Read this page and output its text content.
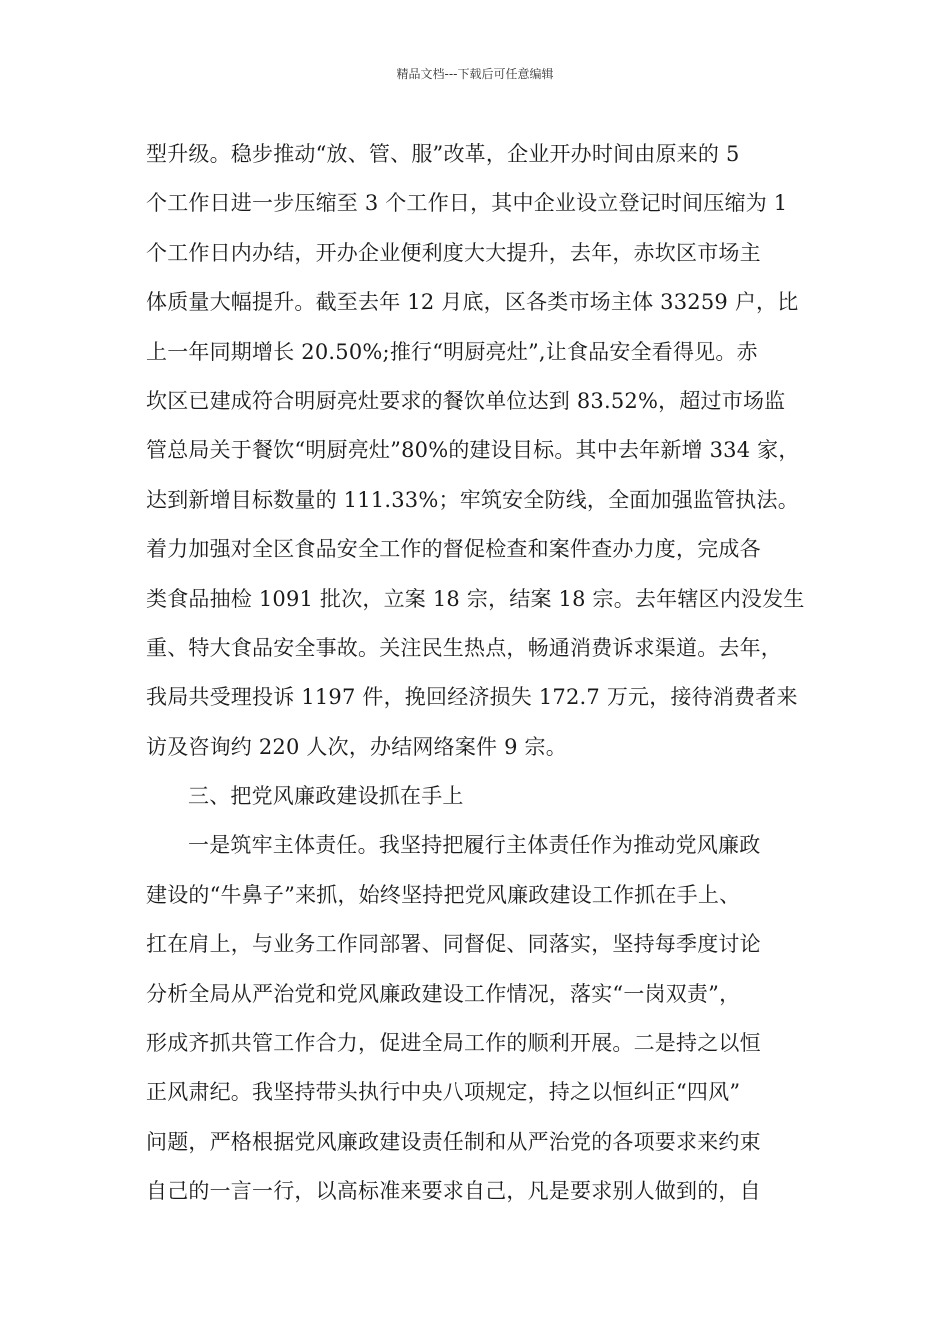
精品文档---下载后可任意编辑
型升级。稳步推动“放、管、服”改革，企业开办时间由原来的 5
个工作日进一步压缩至 3 个工作日，其中企业设立登记时间压缩为 1
个工作日内办结，开办企业便利度大大提升，去年，赤坎区市场主
体质量大幅提升。截至去年 12 月底，区各类市场主体 33259 户，比
上一年同期增长 20.50%;推行“明厨亮灶”,让食品安全看得见。赤
坎区已建成符合明厨亮灶要求的餐饮单位达到 83.52%，超过市场监
管总局关于餐饮“明厨亮灶”80%的建设目标。其中去年新增 334 家，
达到新增目标数量的 111.33%；牢筑安全防线，全面加强监管执法。
着力加强对全区食品安全工作的督促检查和案件查办力度，完成各
类食品抽检 1091 批次，立案 18 宗，结案 18 宗。去年辖区内没发生
重、特大食品安全事故。关注民生热点，畅通消费诉求渠道。去年，
我局共受理投诉 1197 件，挽回经济损失 172.7 万元，接待消费者来
访及咨询约 220 人次，办结网络案件 9 宗。
三、把党风廉政建设抓在手上
一是筑牢主体责任。我坚持把履行主体责任作为推动党风廉政
建设的“牛鼻子”来抓，始终坚持把党风廉政建设工作抓在手上、
扛在肩上，与业务工作同部署、同督促、同落实，坚持每季度讨论
分析全局从严治党和党风廉政建设工作情况，落实“一岗双责”，
形成齐抓共管工作合力，促进全局工作的顺利开展。二是持之以恒
正风肃纪。我坚持带头执行中央八项规定，持之以恒纠正“四风”
问题，严格根据党风廉政建设责任制和从严治党的各项要求来约束
自己的一言一行，以高标准来要求自己，凡是要求别人做到的，自
